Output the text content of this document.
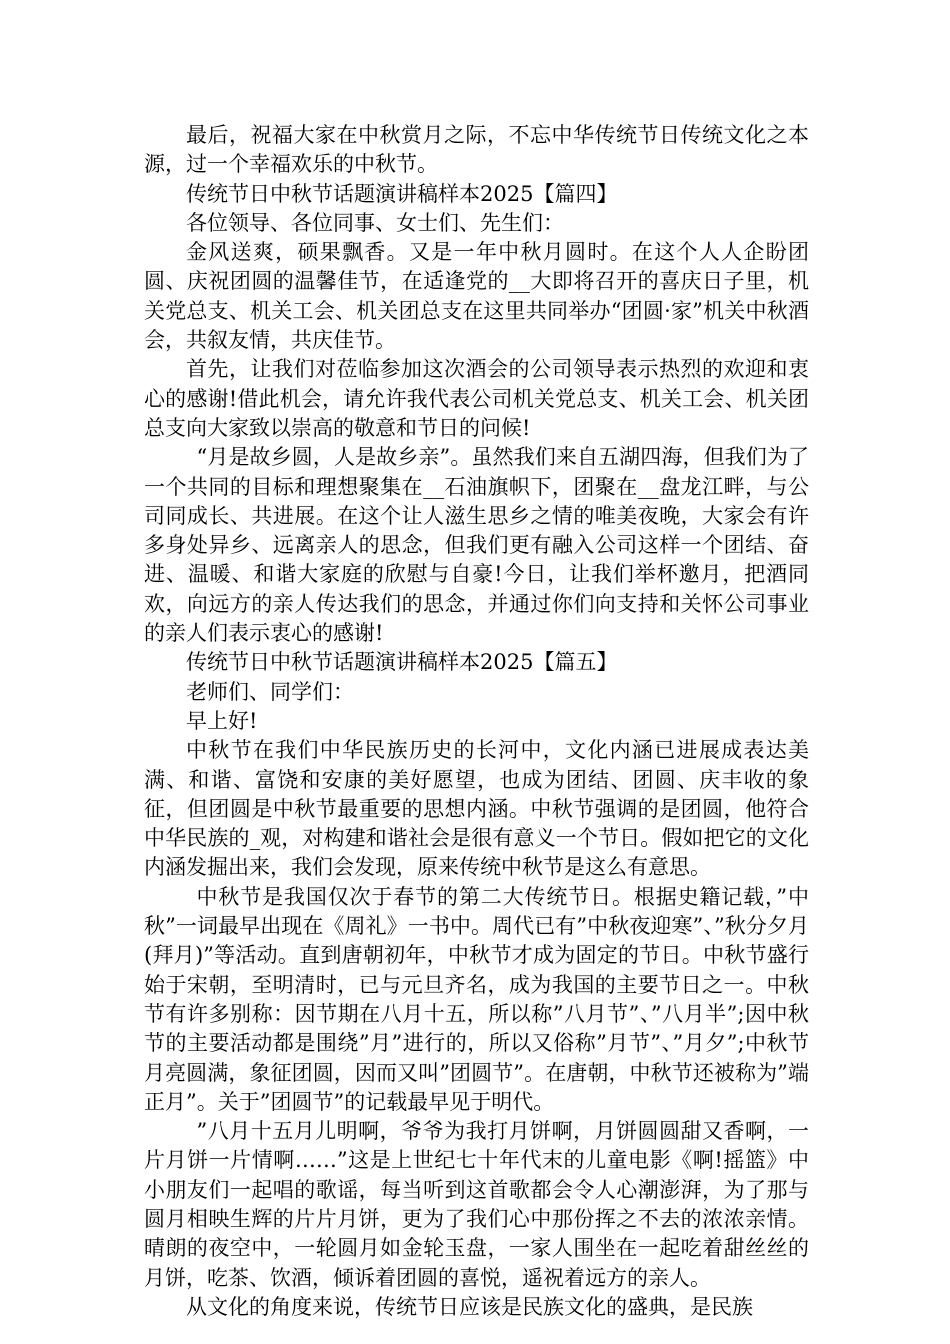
最后，祝福大家在中秋赏月之际，不忘中华传统节日传统文化之本源，过一个幸福欢乐的中秋节。

传统节日中秋节话题演讲稿样本2025【篇四】

各位领导、各位同事、女士们、先生们：

金风送爽，硕果飘香。又是一年中秋月圆时。在这个人人企盼团圆、庆祝团圆的温馨佳节，在适逢党的__大即将召开的喜庆日子里，机关党总支、机关工会、机关团总支在这里共同举办“团圆·家”机关中秋酒会，共叙友情，共庆佳节。

首先，让我们对莅临参加这次酒会的公司领导表示热烈的欢迎和衷心的感谢!借此机会，请允许我代表公司机关党总支、机关工会、机关团总支向大家致以崇高的敬意和节日的问候!

“月是故乡圆，人是故乡亲”。虽然我们来自五湖四海，但我们为了一个共同的目标和理想聚集在__石油旗帜下，团聚在__盘龙江畔，与公司同成长、共进展。在这个让人滋生思乡之情的唯美夜晚，大家会有许多身处异乡、远离亲人的思念，但我们更有融入公司这样一个团结、奋进、温暖、和谐大家庭的欣慰与自豪!今日，让我们举杯邀月，把酒同欢，向远方的亲人传达我们的思念，并通过你们向支持和关怀公司事业的亲人们表示衷心的感谢!

传统节日中秋节话题演讲稿样本2025【篇五】

老师们、同学们：

早上好!

中秋节在我们中华民族历史的长河中，文化内涵已进展成表达美满、和谐、富饶和安康的美好愿望，也成为团结、团圆、庆丰收的象征，但团圆是中秋节最重要的思想内涵。中秋节强调的是团圆，他符合中华民族的_观，对构建和谐社会是很有意义一个节日。假如把它的文化内涵发掘出来，我们会发现，原来传统中秋节是这么有意思。

中秋节是我国仅次于春节的第二大传统节日。根据史籍记载，”中秋”一词最早出现在《周礼》一书中。周代已有”中秋夜迎寒”、”秋分夕月(拜月)”等活动。直到唐朝初年，中秋节才成为固定的节日。中秋节盛行始于宋朝，至明清时，已与元旦齐名，成为我国的主要节日之一。中秋节有许多别称：因节期在八月十五，所以称”八月节”、”八月半”;因中秋节的主要活动都是围绕”月”进行的，所以又俗称”月节”、”月夕”;中秋节月亮圆满，象征团圆，因而又叫”团圆节”。在唐朝，中秋节还被称为”端正月”。关于”团圆节”的记载最早见于明代。

”八月十五月儿明啊，爷爷为我打月饼啊，月饼圆圆甜又香啊，一片月饼一片情啊……”这是上世纪七十年代末的儿童电影《啊!摇篮》中小朋友们一起唱的歌谣，每当听到这首歌都会令人心潮澎湃，为了那与圆月相映生辉的片片月饼，更为了我们心中那份挥之不去的浓浓亲情。晴朗的夜空中，一轮圆月如金轮玉盘，一家人围坐在一起吃着甜丝丝的月饼，吃茶、饮酒，倾诉着团圆的喜悦，遥祝着远方的亲人。

从文化的角度来说，传统节日应该是民族文化的盛典，是民族
